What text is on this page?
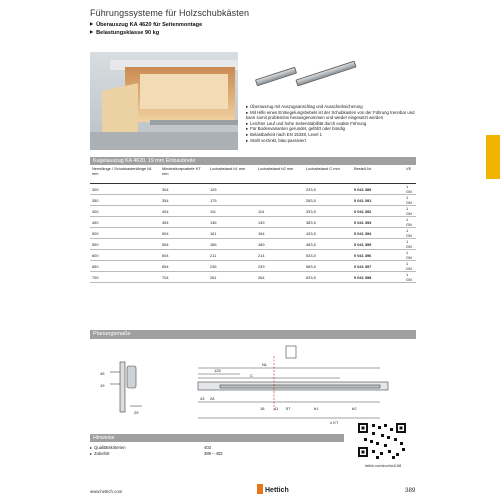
Führungssysteme für Holzschubkästen
▶ Überauszug KA 4620 für Seitenmontage
▶ Belastungsklasse 90 kg
▸ Überauszug mit Auszugsanschlag und Ausschiebsicherung
▸ Mit Hilfe eines Entriegelungshebels ist der Schubkasten von der Führung trennbar und kann somit problemlos herausgenommen und wieder eingesetzt werden
▸ Leichter Lauf und hohe Seitenstabilität durch exakte Führung
▸ Für Bodenvarianten gerundet, gefälzt oder bündig
▸ Belastbarkeit nach EN 15338, Level 1
▸ Stahl verzinkt, blau passiviert
Kugelauszug KA 4620, 19 mm Einbaubreite
Nennlänge / Schubkastenlänge NL mm	Mindestkorpustiefe KT mm	Lochabstand b1 mm	Lochabstand b2 mm	Lochabstand C mm	Bestell-Nr.	VE
300	304	125		233,5	0 041 389	1 GN
350	354	175		283,5	0 041 391	1 GN
400	404	111	114	333,5	0 041 392	1 GN
450	454	136	139	383,5	0 041 393	1 GN
500	504	161	164	433,5	0 041 394	1 GN
550	554	186	189	483,5	0 041 395	1 GN
600	604	211	214	533,5	0 041 396	1 GN
650	654	236	239	583,5	0 041 397	1 GN
700	704	261	264	633,5	0 041 398	1 GN
Planungsmaße
45
19
25
NL
125
C
43 28
18 41 57	b1	b2
≥ KT
Hinweise
▸ Qualitätskriterien	403
▸ Zubehör	389 – 402
hettich.com/short/ke41f48
www.hettich.com	Hettich	389
